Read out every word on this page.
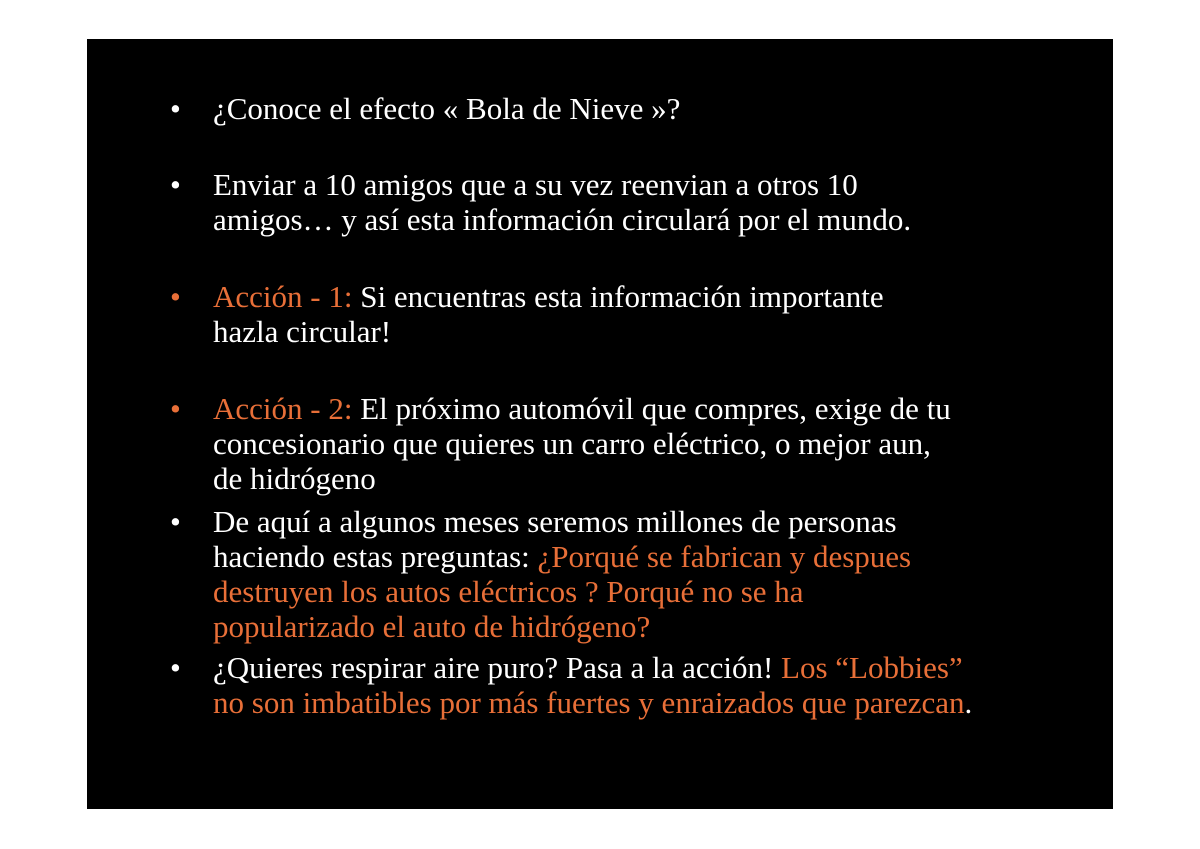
• ¿Conoce el efecto « Bola de Nieve »?
• Enviar a 10 amigos que a su vez reenvian a otros 10
amigos… y así esta información circulará por el mundo.
• Acción - 1: Si encuentras esta información importante
hazla circular!
• Acción - 2: El próximo automóvil que compres, exige de tu
concesionario que quieres un carro eléctrico, o mejor aun,
de hidrógeno
• De aquí a algunos meses seremos millones de personas
haciendo estas preguntas: ¿Porqué se fabrican y despues
destruyen los autos eléctricos ? Porqué no se ha
popularizado el auto de hidrógeno?
• ¿Quieres respirar aire puro? Pasa a la acción! Los “Lobbies”
no son imbatibles por más fuertes y enraizados que parezcan.
